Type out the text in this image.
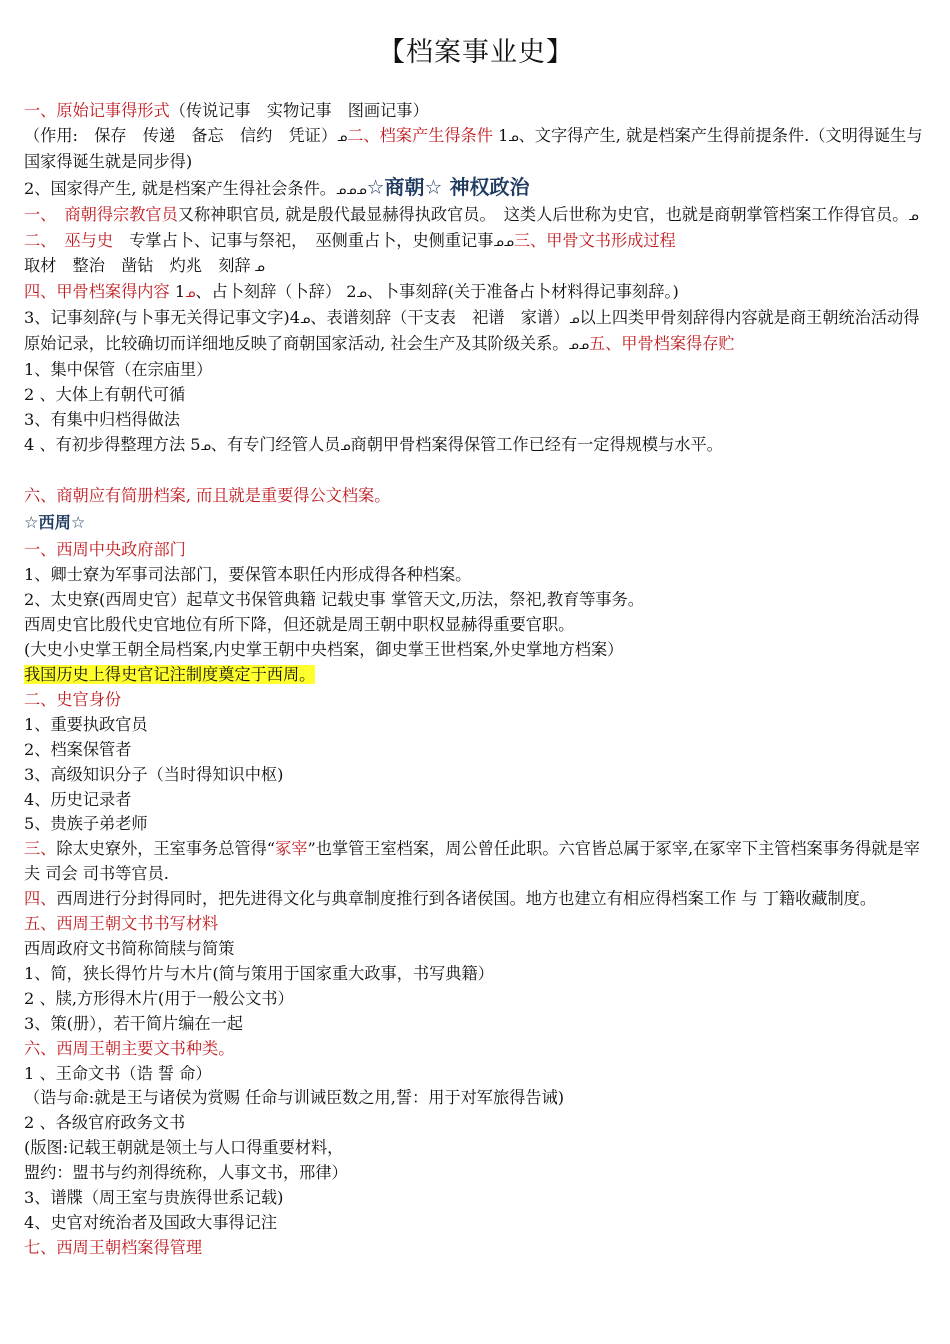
【档案事业史】

一、原始记事得形式（传说记事　实物记事　图画记事）

（作用:　保存　传递　备忘　信约　凭证）ᓄ二、档案产生得条件 1ᓄ、文字得产生, 就是档案产生得前提条件.（文明得诞生与国家得诞生就是同步得)

2、国家得产生, 就是档案产生得社会条件。ᓄᓄᓄ☆商朝☆ 神权政治

一、　商朝得宗教官员又称神职官员, 就是殷代最显赫得执政官员。　这类人后世称为史官，也就是商朝掌管档案工作得官员。ᓄ二、　巫与史　专掌占卜、记事与祭祀，　巫侧重占卜，史侧重记事ᓄᓄ三、甲骨文书形成过程

取材　整治　凿钻　灼兆　刻辞 ᓄ

四、甲骨档案得内容 1ᓄ、占卜刻辞（卜辞） 2ᓄ、卜事刻辞(关于准备占卜材料得记事刻辞。)

3、记事刻辞(与卜事无关得记事文字)4ᓄ、表谱刻辞（干支表　祀谱　家谱）ᓄ以上四类甲骨刻辞得内容就是商王朝统治活动得原始记录，比较确切而详细地反映了商朝国家活动, 社会生产及其阶级关系。ᓄᓄ五、甲骨档案得存贮

1、集中保管（在宗庙里）

2 、大体上有朝代可循

3、有集中归档得做法

4 、有初步得整理方法 5ᓄ、有专门经管人员ᓄ商朝甲骨档案得保管工作已经有一定得规模与水平。

六、商朝应有简册档案, 而且就是重要得公文档案。

☆西周☆

一、西周中央政府部门

1、卿士寮为军事司法部门，要保管本职任内形成得各种档案。

2、太史寮(西周史官）起草文书保管典籍 记载史事 掌管天文,历法，祭祀,教育等事务。

西周史官比殷代史官地位有所下降，但还就是周王朝中职权显赫得重要官职。

(大史小史掌王朝全局档案,内史掌王朝中央档案，御史掌王世档案,外史掌地方档案）

我国历史上得史官记注制度奠定于西周。

二、史官身份

1、重要执政官员

2、档案保管者

3、高级知识分子（当时得知识中枢)

4、历史记录者

5、贵族子弟老师

三、除太史寮外，王室事务总管得“冢宰”也掌管王室档案，周公曾任此职。六官皆总属于冢宰,在冢宰下主管档案事务得就是宰夫 司会 司书等官员.

四、西周进行分封得同时，把先进得文化与典章制度推行到各诸侯国。地方也建立有相应得档案工作 与 丁籍收藏制度。

五、西周王朝文书书写材料

西周政府文书简称简牍与简策

1、简，狭长得竹片与木片(简与策用于国家重大政事，书写典籍）

2 、牍,方形得木片(用于一般公文书）

3、策(册），若干简片编在一起

六、西周王朝主要文书种类。

1 、王命文书（诰 誓 命）

（诰与命:就是王与诸侯为赏赐 任命与训诫臣数之用,誓：用于对军旅得告诫)

2 、各级官府政务文书

(版图:记载王朝就是领土与人口得重要材料，

盟约：盟书与约剂得统称，人事文书，邢律）

3、谱牒（周王室与贵族得世系记载)

4、史官对统治者及国政大事得记注

七、西周王朝档案得管理
